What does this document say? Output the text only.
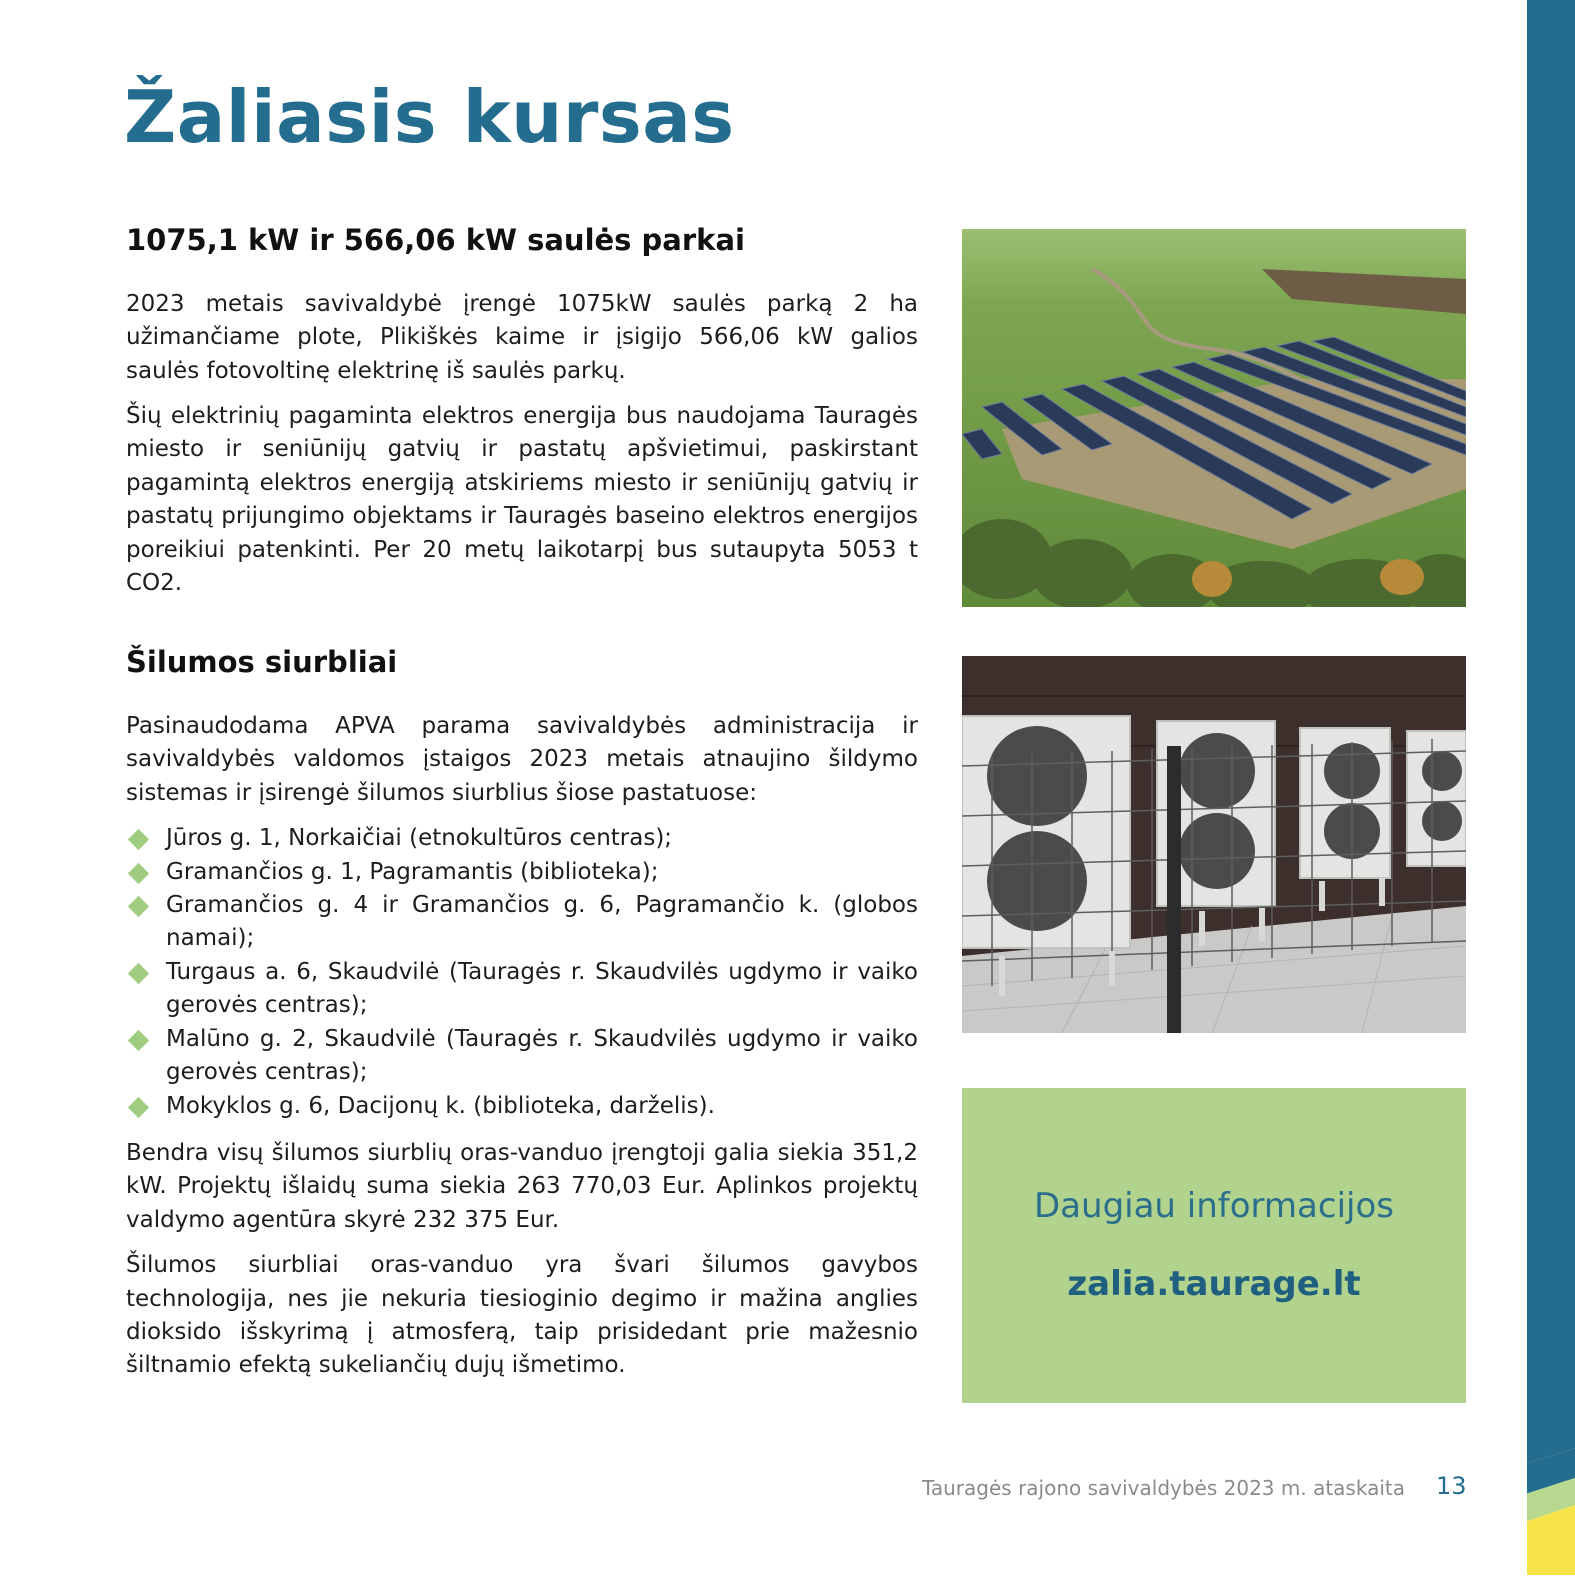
Žaliasis kursas
1075,1 kW ir 566,06 kW saulės parkai

2023 metais savivaldybė įrengė 1075kW saulės parką 2 ha užimančiame plote, Plikiškės kaime ir įsigijo 566,06 kW galios saulės fotovoltinę elektrinę iš saulės parkų.

Šių elektrinių pagaminta elektros energija bus naudojama Tauragės miesto ir seniūnijų gatvių ir pastatų apšvietimui, paskirstant pagamintą elektros energiją atskiriems miesto ir seniūnijų gatvių ir pastatų prijungimo objektams ir Tauragės baseino elektros energijos poreikiui patenkinti. Per 20 metų laikotarpį bus sutaupyta 5053 t CO2.

Šilumos siurbliai

Pasinaudodama APVA parama savivaldybės administracija ir savivaldybės valdomos įstaigos 2023 metais atnaujino šildymo sistemas ir įsirengė šilumos siurblius šiose pastatuose:

Jūros g. 1, Norkaičiai (etnokultūros centras);
Gramančios g. 1, Pagramantis (biblioteka);
Gramančios g. 4 ir Gramančios g. 6, Pagramančio k. (globos namai);
Turgaus a. 6, Skaudvilė (Tauragės r. Skaudvilės ugdymo ir vaiko gerovės centras);
Malūno g. 2, Skaudvilė (Tauragės r. Skaudvilės ugdymo ir vaiko gerovės centras);
Mokyklos g. 6, Dacijonų k. (biblioteka, darželis).

Bendra visų šilumos siurblių oras-vanduo įrengtoji galia siekia 351,2 kW. Projektų išlaidų suma siekia 263 770,03 Eur. Aplinkos projektų valdymo agentūra skyrė 232 375 Eur.

Šilumos siurbliai oras-vanduo yra švari šilumos gavybos technologija, nes jie nekuria tiesioginio degimo ir mažina anglies dioksido išskyrimą į atmosferą, taip prisidedant prie mažesnio šiltnamio efektą sukeliančių dujų išmetimo.

Daugiau informacijos
zalia.taurage.lt
Tauragės rajono savivaldybės 2023 m. ataskaita 13
